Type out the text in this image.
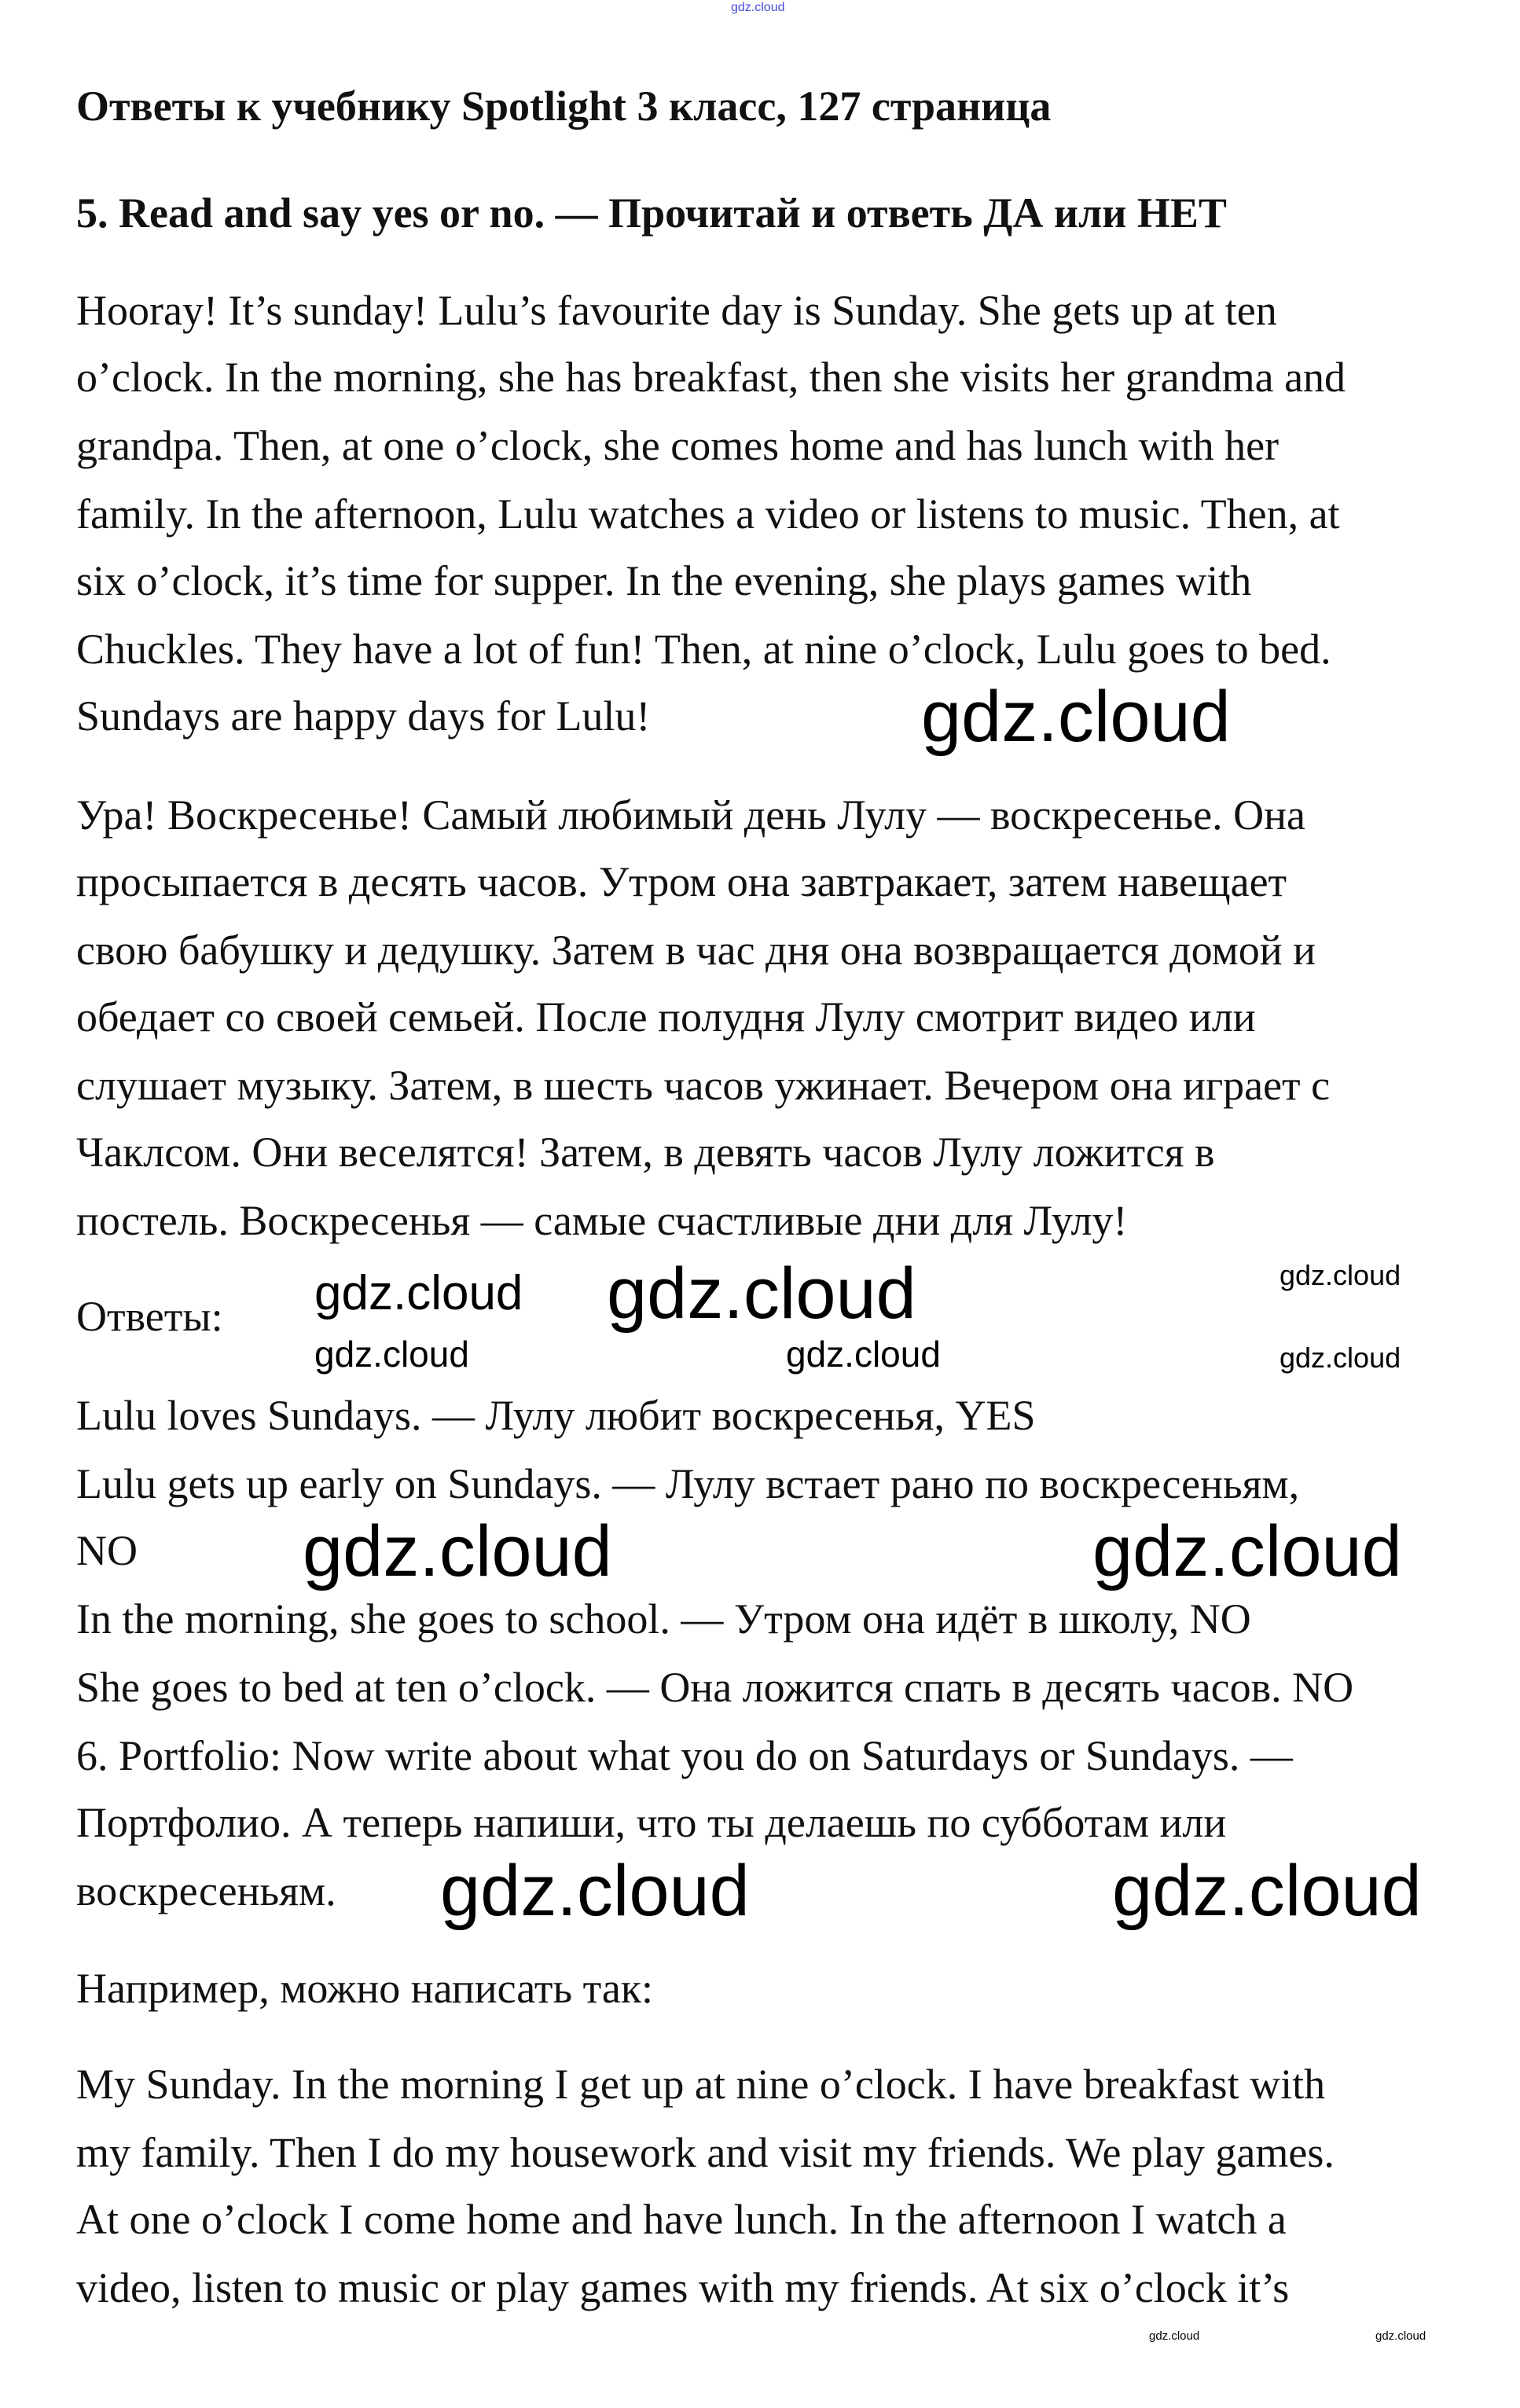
Ответы к учебнику Spotlight 3 класс, 127 страница
5. Read and say yes or no. — Прочитай и ответь ДА или НЕТ
Hooray! It’s sunday! Lulu’s favourite day is Sunday. She gets up at ten
o’clock. In the morning, she has breakfast, then she visits her grandma and
grandpa. Then, at one o’clock, she comes home and has lunch with her
family. In the afternoon, Lulu watches a video or listens to music. Then, at
six o’clock, it’s time for supper. In the evening, she plays games with
Chuckles. They have a lot of fun! Then, at nine o’clock, Lulu goes to bed.
Sundays are happy days for Lulu!
Ура! Воскресенье! Самый любимый день Лулу — воскресенье. Она
просыпается в десять часов. Утром она завтракает, затем навещает
свою бабушку и дедушку. Затем в час дня она возвращается домой и
обедает со своей семьей. После полудня Лулу смотрит видео или
слушает музыку. Затем, в шесть часов ужинает. Вечером она играет с
Чаклсом. Они веселятся! Затем, в девять часов Лулу ложится в
постель. Воскресенья — самые счастливые дни для Лулу!
Ответы:
Lulu loves Sundays. — Лулу любит воскресенья, YES
Lulu gets up early on Sundays. — Лулу встает рано по воскресеньям,
NO
In the morning, she goes to school. — Утром она идёт в школу, NO
She goes to bed at ten o’clock. — Она ложится спать в десять часов. NO
6. Portfolio: Now write about what you do on Saturdays or Sundays. —
Портфолио. А теперь напиши, что ты делаешь по субботам или
воскресеньям.
Например, можно написать так:
My Sunday. In the morning I get up at nine o’clock. I have breakfast with
my family. Then I do my housework and visit my friends. We play games.
At one o’clock I come home and have lunch. In the afternoon I watch a
video, listen to music or play games with my friends. At six o’clock it’s
gdz.cloud
gdz.cloud
gdz.cloud
gdz.cloud	gdz.cloud
gdz.cloud	gdz.cloud	gdz.cloud
gdz.cloud	gdz.cloud
gdz.cloud	gdz.cloud
gdz.cloud	gdz.cloud
